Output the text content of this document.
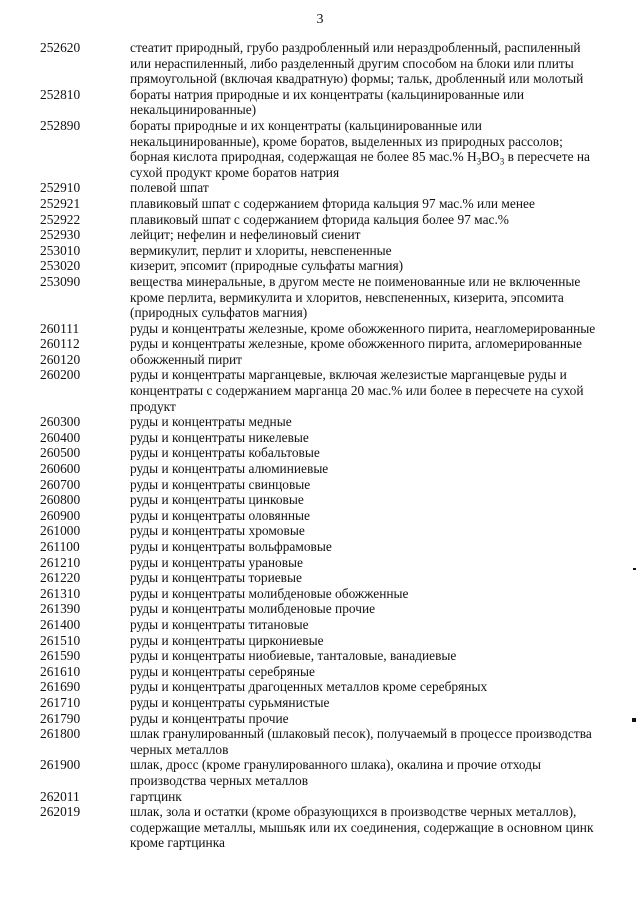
3
252620	стеатит природный, грубо раздробленный или нераздробленный, распиленный
или нераспиленный, либо разделенный другим способом на блоки или плиты
прямоугольной (включая квадратную) формы; тальк, дробленный или молотый
252810	бораты натрия природные и их концентраты (кальцинированные или
некальцинированные)
252890	бораты природные и их концентраты (кальцинированные или
некальцинированные), кроме боратов, выделенных из природных рассолов;
борная кислота природная, содержащая не более 85 мас.% $H_3BO_3$ в пересчете на
сухой продукт кроме боратов натрия
252910	полевой шпат
252921	плавиковый шпат с содержанием фторида кальция 97 мас.% или менее
252922	плавиковый шпат с содержанием фторида кальция более 97 мас.%
252930	лейцит; нефелин и нефелиновый сиенит
253010	вермикулит, перлит и хлориты, невспененные
253020	кизерит, эпсомит (природные сульфаты магния)
253090	вещества минеральные, в другом месте не поименованные или не включенные
кроме перлита, вермикулита и хлоритов, невспененных, кизерита, эпсомита
(природных сульфатов магния)
260111	руды и концентраты железные, кроме обожженного пирита, неагломерированные
260112	руды и концентраты железные, кроме обожженного пирита, агломерированные
260120	обожженный пирит
260200	руды и концентраты марганцевые, включая железистые марганцевые руды и
концентраты с содержанием марганца 20 мас.% или более в пересчете на сухой
продукт
260300	руды и концентраты медные
260400	руды и концентраты никелевые
260500	руды и концентраты кобальтовые
260600	руды и концентраты алюминиевые
260700	руды и концентраты свинцовые
260800	руды и концентраты цинковые
260900	руды и концентраты оловянные
261000	руды и концентраты хромовые
261100	руды и концентраты вольфрамовые
261210	руды и концентраты урановые
261220	руды и концентраты ториевые
261310	руды и концентраты молибденовые обожженные
261390	руды и концентраты молибденовые прочие
261400	руды и концентраты титановые
261510	руды и концентраты циркониевые
261590	руды и концентраты ниобиевые, танталовые, ванадиевые
261610	руды и концентраты серебряные
261690	руды и концентраты драгоценных металлов кроме серебряных
261710	руды и концентраты сурьмянистые
261790	руды и концентраты прочие
261800	шлак гранулированный (шлаковый песок), получаемый в процессе производства
черных металлов
261900	шлак, дросс (кроме гранулированного шлака), окалина и прочие отходы
производства черных металлов
262011	гартцинк
262019	шлак, зола и остатки (кроме образующихся в производстве черных металлов),
содержащие металлы, мышьяк или их соединения, содержащие в основном цинк
кроме гартцинка
